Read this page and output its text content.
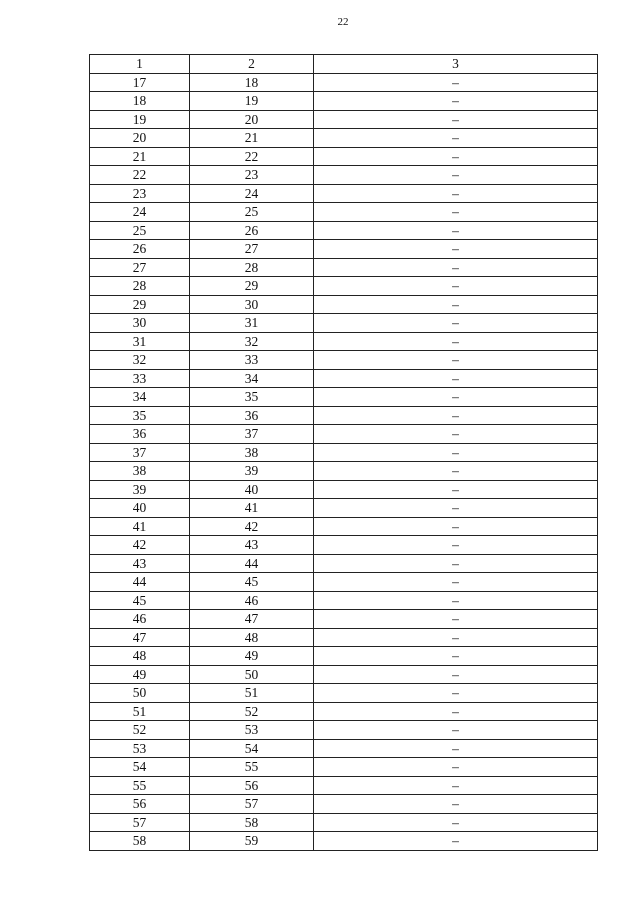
22
1	2	3
17	18	–
18	19	–
19	20	–
20	21	–
21	22	–
22	23	–
23	24	–
24	25	–
25	26	–
26	27	–
27	28	–
28	29	–
29	30	–
30	31	–
31	32	–
32	33	–
33	34	–
34	35	–
35	36	–
36	37	–
37	38	–
38	39	–
39	40	–
40	41	–
41	42	–
42	43	–
43	44	–
44	45	–
45	46	–
46	47	–
47	48	–
48	49	–
49	50	–
50	51	–
51	52	–
52	53	–
53	54	–
54	55	–
55	56	–
56	57	–
57	58	–
58	59	–
